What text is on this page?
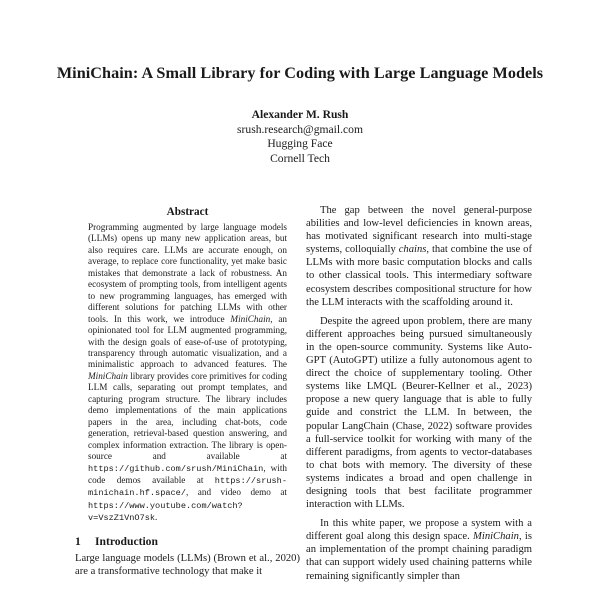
MiniChain: A Small Library for Coding with Large Language Models
Alexander M. Rush
srush.research@gmail.com
Hugging Face
Cornell Tech
Abstract

Programming augmented by large language models (LLMs) opens up many new application areas, but also requires care. LLMs are accurate enough, on average, to replace core functionality, yet make basic mistakes that demonstrate a lack of robustness. An ecosystem of prompting tools, from intelligent agents to new programming languages, has emerged with different solutions for patching LLMs with other tools. In this work, we introduce MiniChain, an opinionated tool for LLM augmented programming, with the design goals of ease-of-use of prototyping, transparency through automatic visualization, and a minimalistic approach to advanced features. The MiniChain library provides core primitives for coding LLM calls, separating out prompt templates, and capturing program structure. The library includes demo implementations of the main applications papers in the area, including chat-bots, code generation, retrieval-based question answering, and complex information extraction. The library is open-source and available at https://github.com/srush/MiniChain, with code demos available at https://srush-minichain.hf.space/, and video demo at https://www.youtube.com/watch?v=VszZ1VnO7sk.

1 Introduction

Large language models (LLMs) (Brown et al., 2020) are a transformative technology that make it

The gap between the novel general-purpose abilities and low-level deficiencies in known areas, has motivated significant research into multi-stage systems, colloquially chains, that combine the use of LLMs with more basic computation blocks and calls to other classical tools. This intermediary software ecosystem describes compositional structure for how the LLM interacts with the scaffolding around it.

Despite the agreed upon problem, there are many different approaches being pursued simultaneously in the open-source community. Systems like Auto-GPT (AutoGPT) utilize a fully autonomous agent to direct the choice of supplementary tooling. Other systems like LMQL (Beurer-Kellner et al., 2023) propose a new query language that is able to fully guide and constrict the LLM. In between, the popular LangChain (Chase, 2022) software provides a full-service toolkit for working with many of the different paradigms, from agents to vector-databases to chat bots with memory. The diversity of these systems indicates a broad and open challenge in designing tools that best facilitate programmer interaction with LLMs.

In this white paper, we propose a system with a different goal along this design space. MiniChain, is an implementation of the prompt chaining paradigm that can support widely used chaining patterns while remaining significantly simpler than
